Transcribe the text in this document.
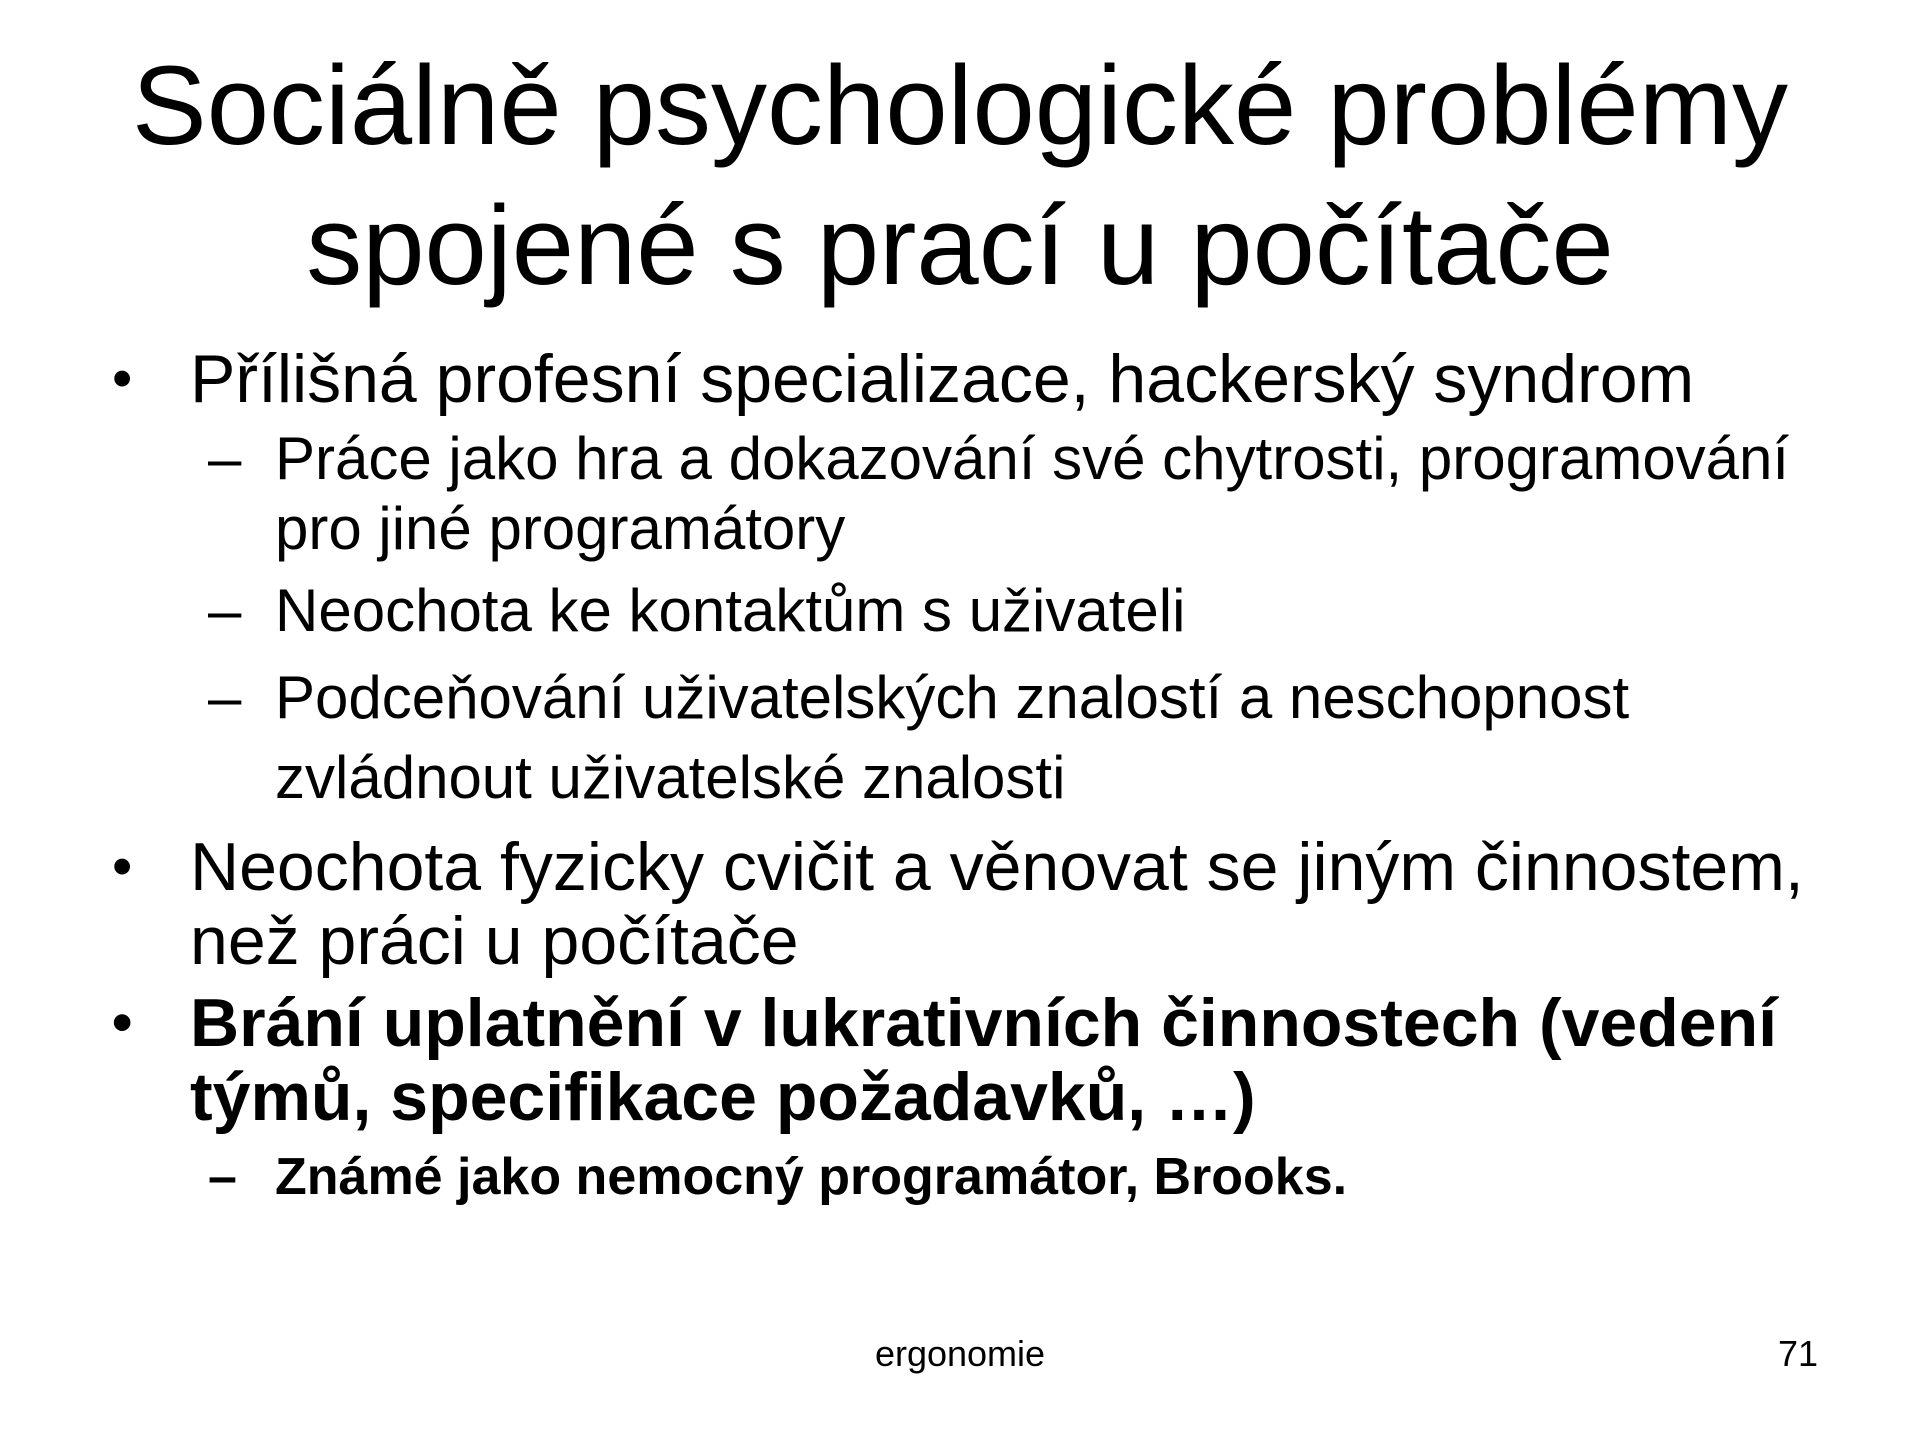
Sociálně psychologické problémy
spojené s prací u počítače

• Přílišná profesní specializace, hackerský syndrom

– Práce jako hra a dokazování své chytrosti, programování pro jiné programátory

– Neochota ke kontaktům s uživateli

– Podceňování uživatelských znalostí a neschopnost zvládnout uživatelské znalosti

• Neochota fyzicky cvičit a věnovat se jiným činnostem, než práci u počítače

• Brání uplatnění v lukrativních činnostech (vedení týmů, specifikace požadavků, …)

– Známé jako nemocný programátor, Brooks.

ergonomie	71
